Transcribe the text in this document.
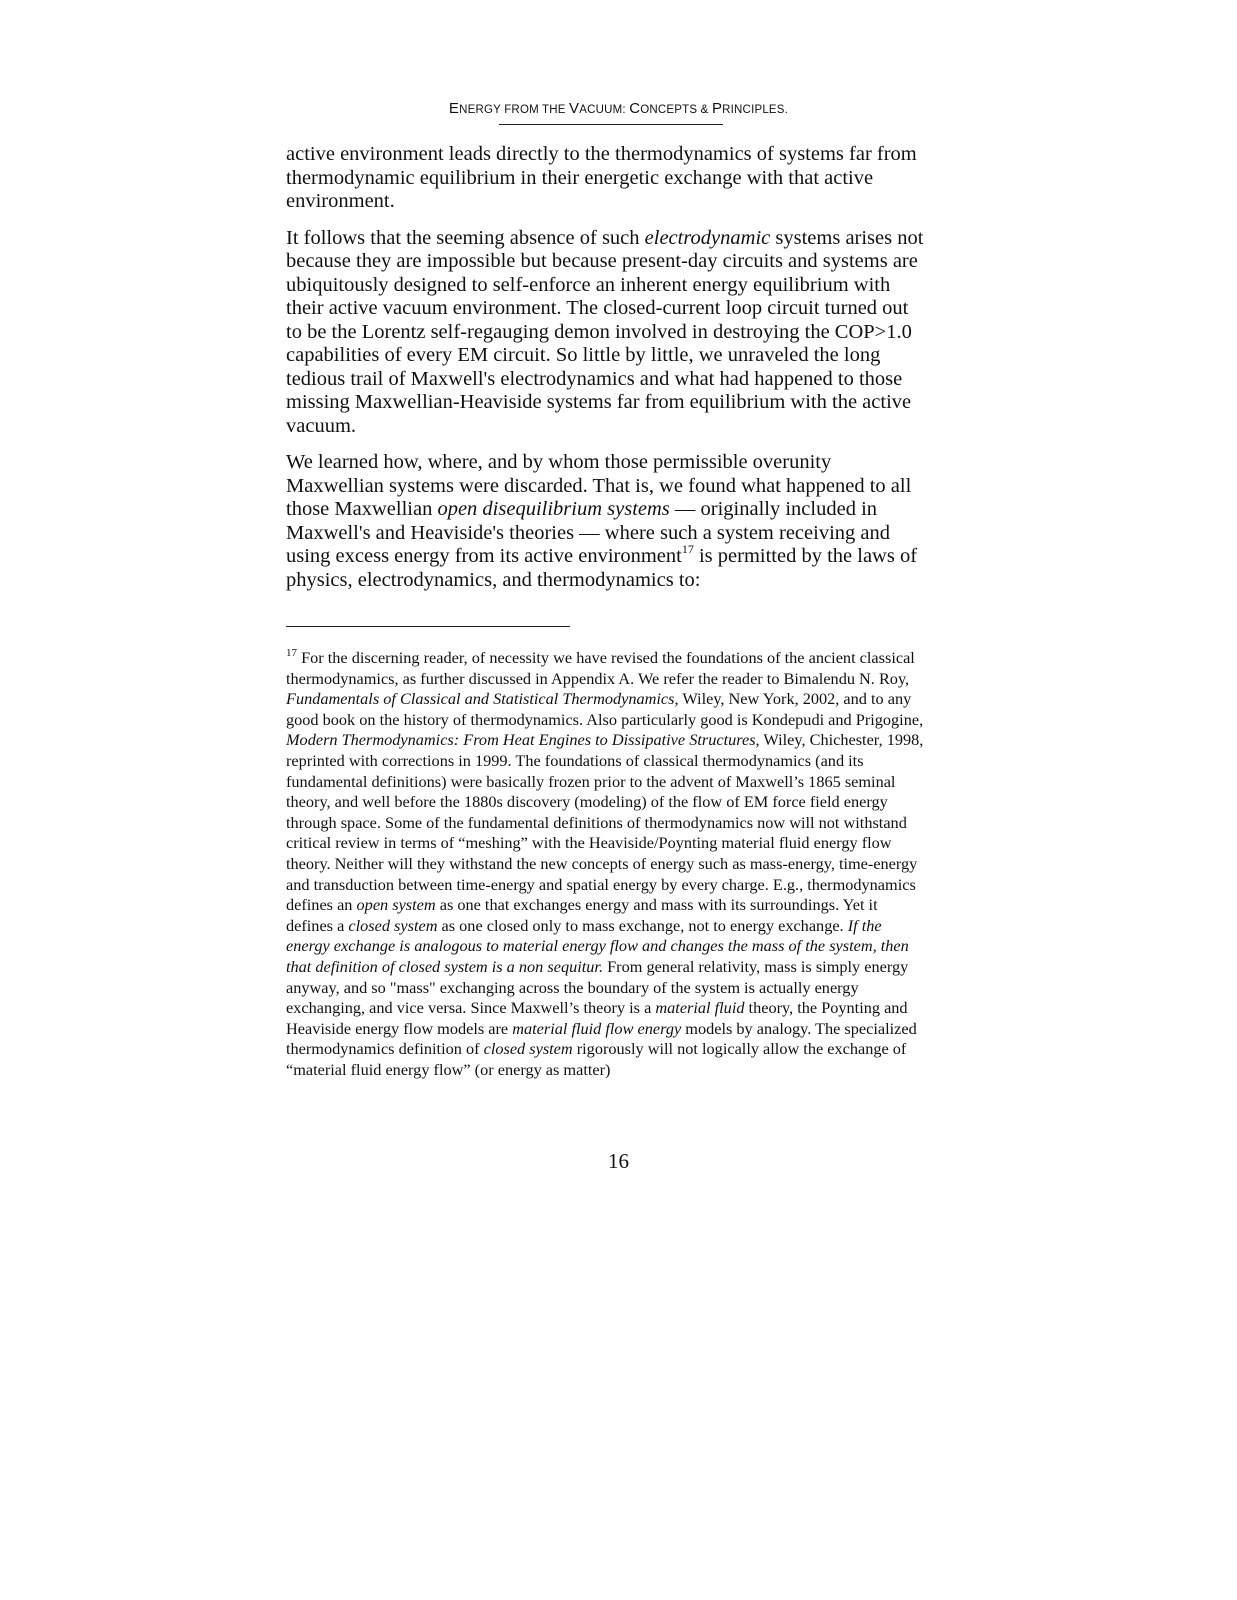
ENERGY FROM THE VACUUM: CONCEPTS & PRINCIPLES.

active environment leads directly to the thermodynamics of systems far from thermodynamic equilibrium in their energetic exchange with that active environment.

It follows that the seeming absence of such electrodynamic systems arises not because they are impossible but because present-day circuits and systems are ubiquitously designed to self-enforce an inherent energy equilibrium with their active vacuum environment. The closed-current loop circuit turned out to be the Lorentz self-regauging demon involved in destroying the COP>1.0 capabilities of every EM circuit. So little by little, we unraveled the long tedious trail of Maxwell's electrodynamics and what had happened to those missing Maxwellian-Heaviside systems far from equilibrium with the active vacuum.

We learned how, where, and by whom those permissible overunity Maxwellian systems were discarded. That is, we found what happened to all those Maxwellian open disequilibrium systems — originally included in Maxwell's and Heaviside's theories — where such a system receiving and using excess energy from its active environment$^{17}$ is permitted by the laws of physics, electrodynamics, and thermodynamics to:

$^{17}$ For the discerning reader, of necessity we have revised the foundations of the ancient classical thermodynamics, as further discussed in Appendix A. We refer the reader to Bimalendu N. Roy, Fundamentals of Classical and Statistical Thermodynamics, Wiley, New York, 2002, and to any good book on the history of thermodynamics. Also particularly good is Kondepudi and Prigogine, Modern Thermodynamics: From Heat Engines to Dissipative Structures, Wiley, Chichester, 1998, reprinted with corrections in 1999. The foundations of classical thermodynamics (and its fundamental definitions) were basically frozen prior to the advent of Maxwell’s 1865 seminal theory, and well before the 1880s discovery (modeling) of the flow of EM force field energy through space. Some of the fundamental definitions of thermodynamics now will not withstand critical review in terms of “meshing” with the Heaviside/Poynting material fluid energy flow theory. Neither will they withstand the new concepts of energy such as mass-energy, time-energy and transduction between time-energy and spatial energy by every charge. E.g., thermodynamics defines an open system as one that exchanges energy and mass with its surroundings. Yet it defines a closed system as one closed only to mass exchange, not to energy exchange. If the energy exchange is analogous to material energy flow and changes the mass of the system, then that definition of closed system is a non sequitur. From general relativity, mass is simply energy anyway, and so "mass" exchanging across the boundary of the system is actually energy exchanging, and vice versa. Since Maxwell’s theory is a material fluid theory, the Poynting and Heaviside energy flow models are material fluid flow energy models by analogy. The specialized thermodynamics definition of closed system rigorously will not logically allow the exchange of “material fluid energy flow” (or energy as matter)
16
